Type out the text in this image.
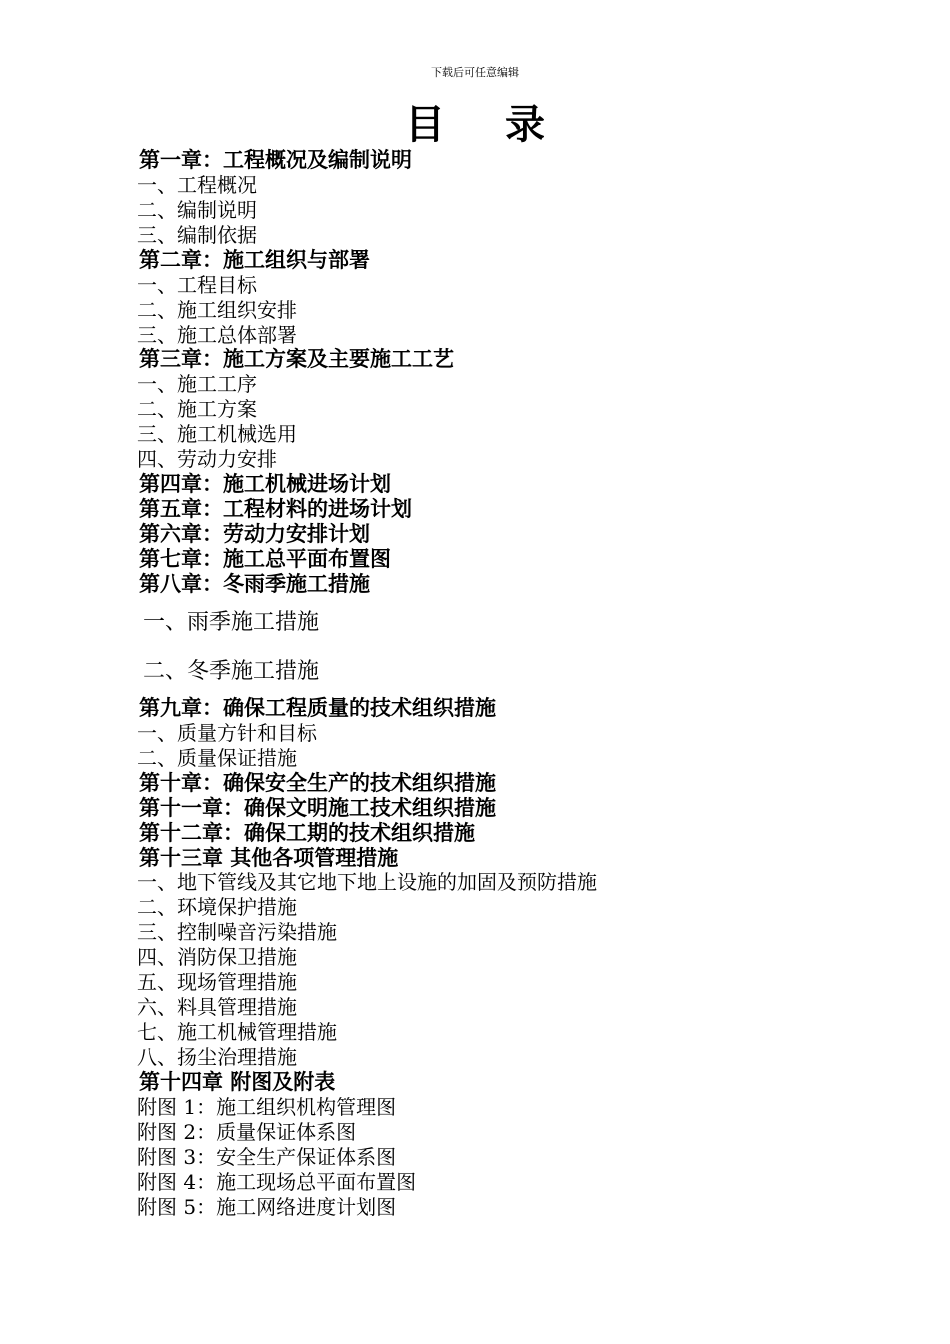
下载后可任意编辑
目 录
第一章：工程概况及编制说明
一、工程概况
二、编制说明
三、编制依据
第二章：施工组织与部署
一、工程目标
二、施工组织安排
三、施工总体部署
第三章：施工方案及主要施工工艺
一、施工工序
二、施工方案
三、施工机械选用
四、劳动力安排
第四章：施工机械进场计划
第五章：工程材料的进场计划
第六章：劳动力安排计划
第七章：施工总平面布置图
第八章：冬雨季施工措施
一、雨季施工措施
二、冬季施工措施
第九章：确保工程质量的技术组织措施
一、质量方针和目标
二、质量保证措施
第十章：确保安全生产的技术组织措施
第十一章：确保文明施工技术组织措施
第十二章：确保工期的技术组织措施
第十三章 其他各项管理措施
一、地下管线及其它地下地上设施的加固及预防措施
二、环境保护措施
三、控制噪音污染措施
四、消防保卫措施
五、现场管理措施
六、料具管理措施
七、施工机械管理措施
八、扬尘治理措施
第十四章 附图及附表
附图 1：施工组织机构管理图
附图 2：质量保证体系图
附图 3：安全生产保证体系图
附图 4：施工现场总平面布置图
附图 5：施工网络进度计划图
